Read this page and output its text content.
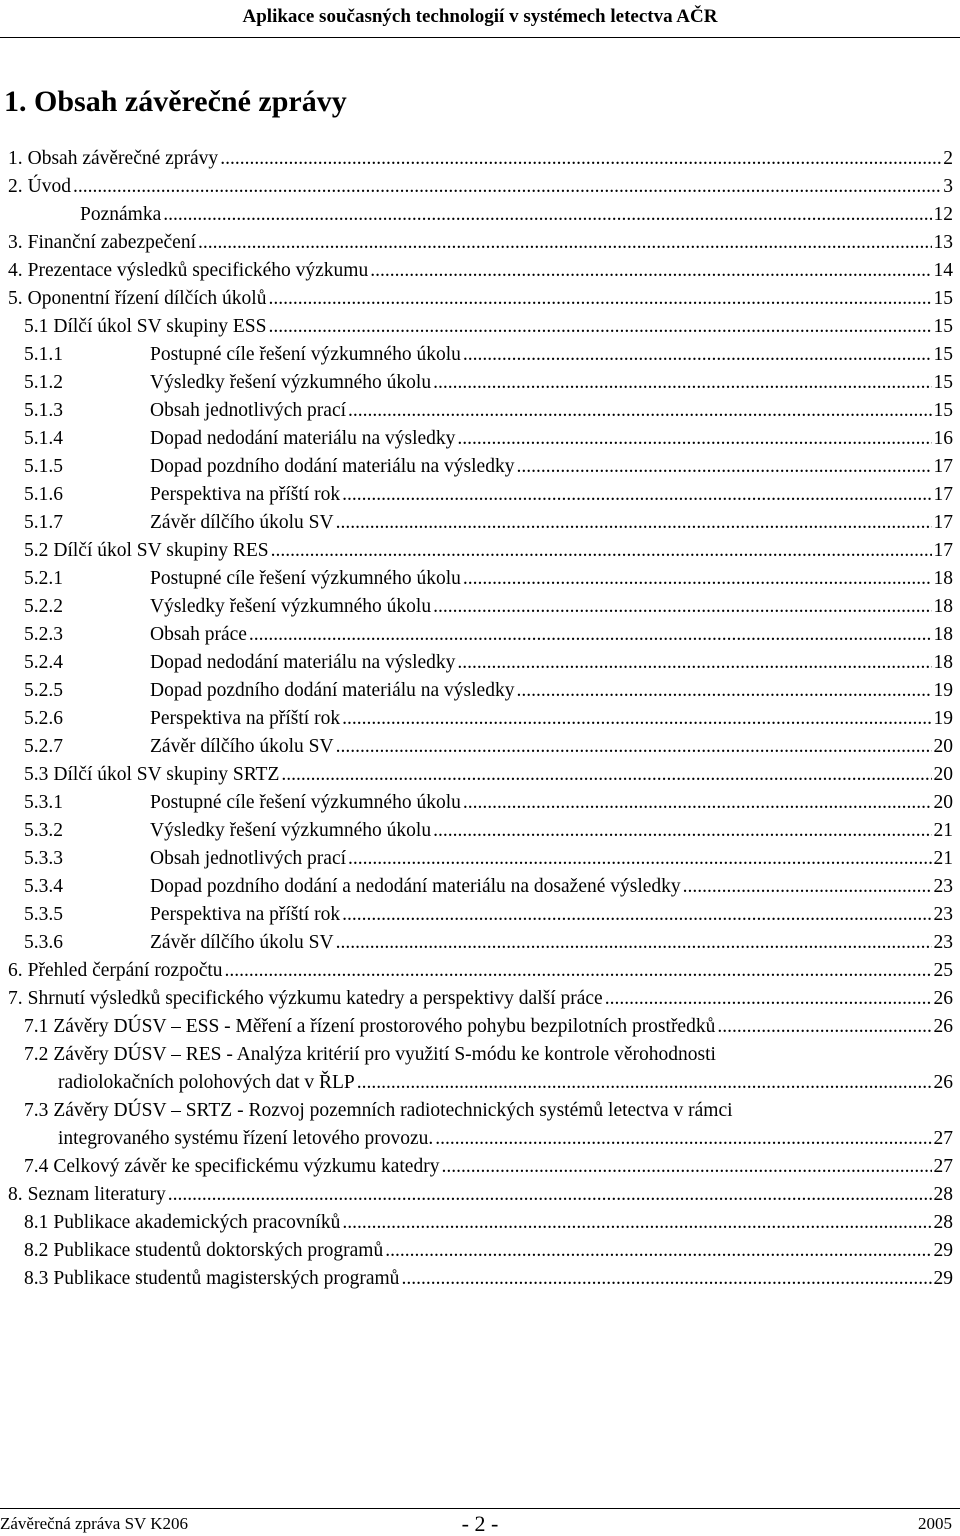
Aplikace současných technologií v systémech letectva AČR
1. Obsah závěrečné zprávy
1. Obsah závěrečné zprávy .....	2
2. Úvod .....	3
Poznámka .....	12
3. Finanční zabezpečení .....	13
4. Prezentace výsledků specifického výzkumu .....	14
5. Oponentní řízení dílčích úkolů .....	15
5.1 Dílčí úkol SV skupiny ESS .....	15
5.1.1	Postupné cíle řešení výzkumného úkolu .....	15
5.1.2	Výsledky řešení výzkumného úkolu .....	15
5.1.3	Obsah jednotlivých prací .....	15
5.1.4	Dopad nedodání materiálu na výsledky .....	16
5.1.5	Dopad pozdního dodání materiálu na výsledky .....	17
5.1.6	Perspektiva na příští rok .....	17
5.1.7	Závěr dílčího úkolu SV .....	17
5.2 Dílčí úkol SV skupiny RES .....	17
5.2.1	Postupné cíle řešení výzkumného úkolu .....	18
5.2.2	Výsledky řešení výzkumného úkolu .....	18
5.2.3	Obsah práce .....	18
5.2.4	Dopad nedodání materiálu na výsledky .....	18
5.2.5	Dopad pozdního dodání materiálu na výsledky .....	19
5.2.6	Perspektiva na příští rok .....	19
5.2.7	Závěr dílčího úkolu SV .....	20
5.3 Dílčí úkol SV skupiny SRTZ .....	20
5.3.1	Postupné cíle řešení výzkumného úkolu .....	20
5.3.2	Výsledky řešení výzkumného úkolu .....	21
5.3.3	Obsah jednotlivých prací .....	21
5.3.4	Dopad pozdního dodání a nedodání materiálu na dosažené výsledky .....	23
5.3.5	Perspektiva na příští rok .....	23
5.3.6	Závěr dílčího úkolu SV .....	23
6. Přehled čerpání rozpočtu .....	25
7. Shrnutí výsledků specifického výzkumu katedry a perspektivy další práce .....	26
7.1 Závěry DÚSV – ESS - Měření a řízení prostorového pohybu bezpilotních prostředků .....	26
7.2 Závěry DÚSV – RES - Analýza kritérií pro využití S-módu ke kontrole věrohodnosti
radiolokačních polohových dat v ŘLP .....	26
7.3 Závěry DÚSV – SRTZ - Rozvoj pozemních radiotechnických systémů letectva v rámci
integrovaného systému řízení letového provozu. .....	27
7.4 Celkový závěr ke specifickému výzkumu katedry .....	27
8. Seznam literatury .....	28
8.1 Publikace akademických pracovníků .....	28
8.2 Publikace studentů doktorských programů .....	29
8.3 Publikace studentů magisterských programů .....	29
Závěrečná zpráva SV K206	- 2 -	2005
